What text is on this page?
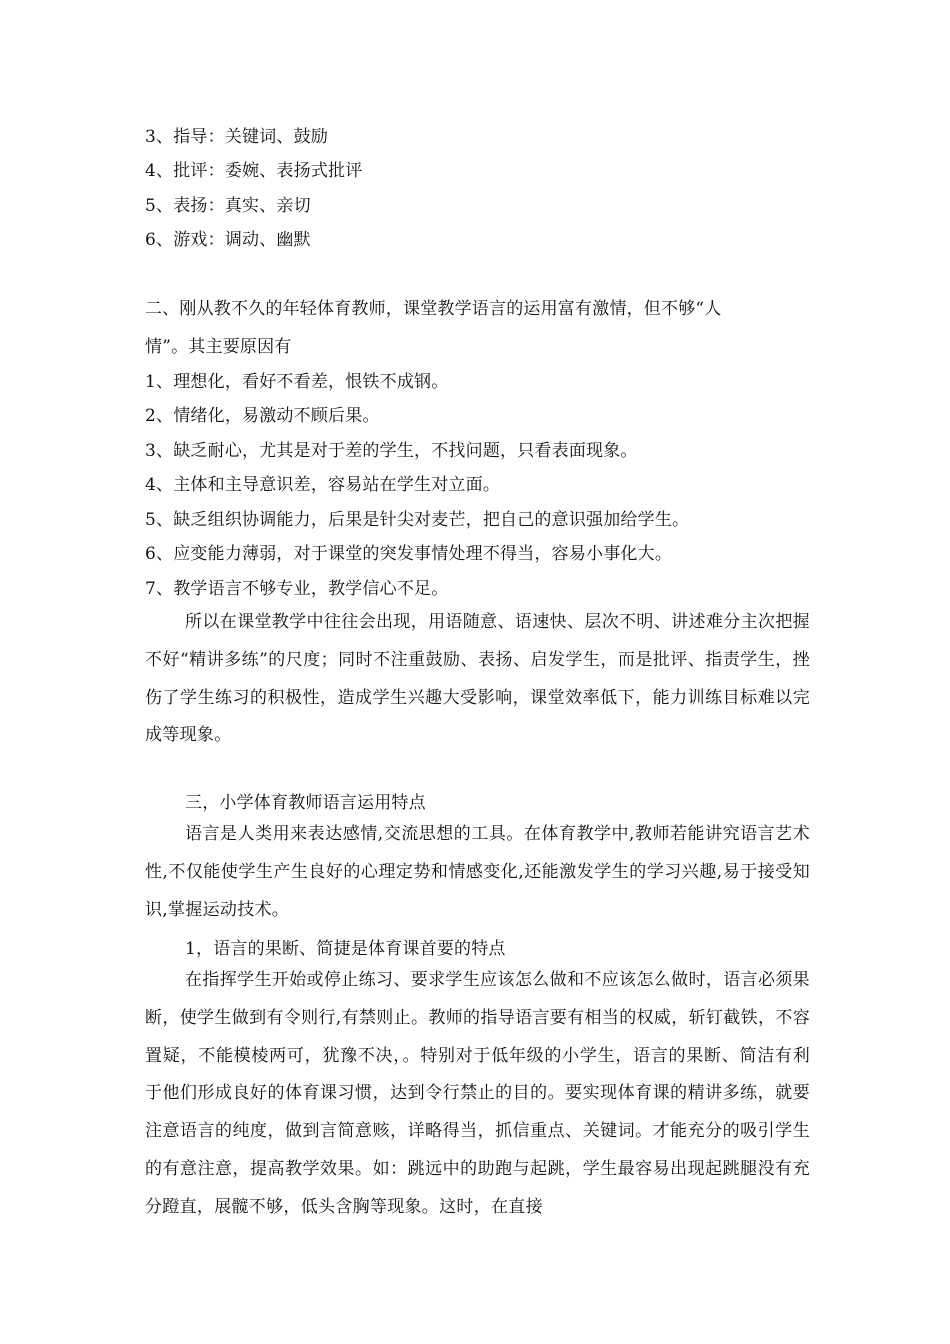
3、指导：关键词、鼓励
4、批评：委婉、表扬式批评
5、表扬：真实、亲切
6、游戏：调动、幽默
二、刚从教不久的年轻体育教师，课堂教学语言的运用富有激情，但不够“人
情”。其主要原因有
1、理想化，看好不看差，恨铁不成钢。
2、情绪化，易激动不顾后果。
3、缺乏耐心，尤其是对于差的学生，不找问题，只看表面现象。
4、主体和主导意识差，容易站在学生对立面。
5、缺乏组织协调能力，后果是针尖对麦芒，把自己的意识强加给学生。
6、应变能力薄弱，对于课堂的突发事情处理不得当，容易小事化大。
7、教学语言不够专业，教学信心不足。
所以在课堂教学中往往会出现，用语随意、语速快、层次不明、讲述难分主次把握不好“精讲多练”的尺度；同时不注重鼓励、表扬、启发学生，而是批评、指责学生，挫伤了学生练习的积极性，造成学生兴趣大受影响，课堂效率低下，能力训练目标难以完成等现象。
三，小学体育教师语言运用特点
语言是人类用来表达感情,交流思想的工具。在体育教学中,教师若能讲究语言艺术性,不仅能使学生产生良好的心理定势和情感变化,还能激发学生的学习兴趣,易于接受知识,掌握运动技术。
1，语言的果断、简捷是体育课首要的特点
在指挥学生开始或停止练习、要求学生应该怎么做和不应该怎么做时，语言必须果断，使学生做到有令则行,有禁则止。教师的指导语言要有相当的权威，斩钉截铁，不容置疑，不能模棱两可，犹豫不决，。特别对于低年级的小学生，语言的果断、简洁有利于他们形成良好的体育课习惯，达到令行禁止的目的。要实现体育课的精讲多练，就要注意语言的纯度，做到言简意赅，详略得当，抓信重点、关键词。才能充分的吸引学生的有意注意，提高教学效果。如：跳远中的助跑与起跳，学生最容易出现起跳腿没有充分蹬直，展髋不够，低头含胸等现象。这时，在直接
